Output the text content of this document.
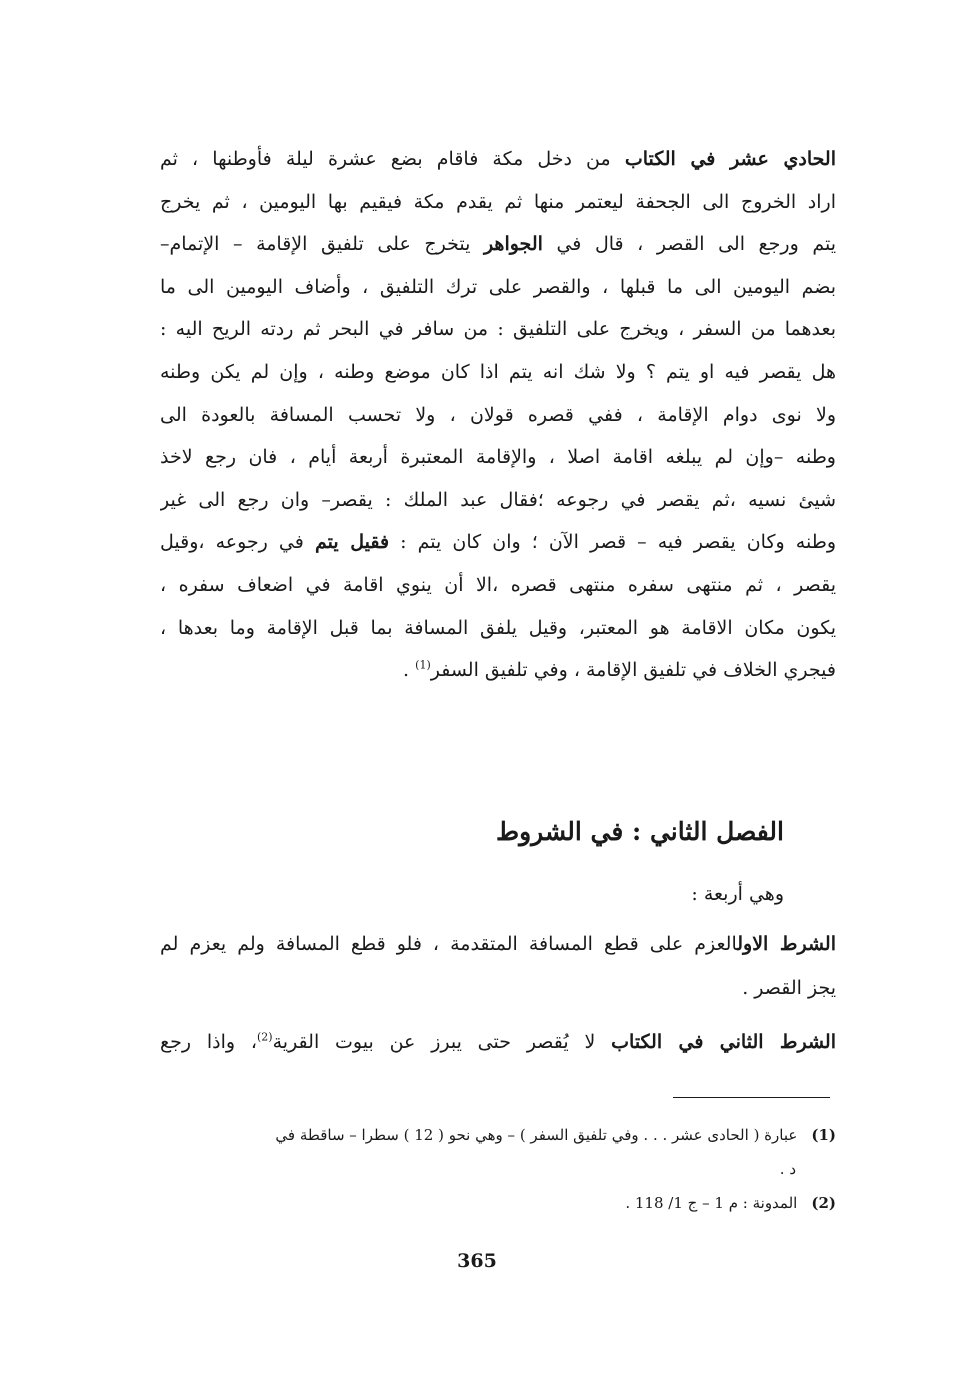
الحادي عشر في الكتاب من دخل مكة فاقام بضع عشرة ليلة فأوطنها ، ثم
اراد الخروج الى الجحفة ليعتمر منها ثم يقدم مكة فيقيم بها اليومين ، ثم يخرج
يتم ورجع الى القصر ، قال في الجواهر يتخرج على تلفيق الإقامة – الإتمام–
بضم اليومين الى ما قبلها ، والقصر على ترك التلفيق ، وأضاف اليومين الى ما
بعدهما من السفر ، ويخرج على التلفيق : من سافر في البحر ثم ردته الريح اليه :
هل يقصر فيه او يتم ؟ ولا شك انه يتم اذا كان موضع وطنه ، وإن لم يكن وطنه
ولا نوى دوام الإقامة ، ففي قصره قولان ، ولا تحسب المسافة بالعودة الى
وطنه –وإن لم يبلغه اقامة اصلا ، والإقامة المعتبرة أربعة أيام ، فان رجع لاخذ
شيئ نسيه ،ثم يقصر في رجوعه ؛فقال عبد الملك : يقصر– وان رجع الى غير
وطنه وكان يقصر فيه – قصر الآن ؛ وان كان يتم : فقيل يتم في رجوعه ،وقيل
يقصر ، ثم منتهى سفره منتهى قصره ،الا أن ينوي اقامة في اضعاف سفره ،
يكون مكان الاقامة هو المعتبر، وقيل يلفق المسافة بما قبل الإقامة وما بعدها ،
فيجري الخلاف في تلفيق الإقامة ، وفي تلفيق السفر$^{(1)}$ .
الفصل الثاني : في الشروط
وهي أربعة :
الشرط الاولالعزم على قطع المسافة المتقدمة ، فلو قطع المسافة ولم يعزم لم
يجز القصر .
الشرط الثاني في الكتاب لا يُقصر حتى يبرز عن بيوت القرية$^{(2)}$، واذا رجع
(1)عبارة ( الحادى عشر . . . وفي تلفيق السفر ) – وهي نحو ( 12 ) سطرا – ساقطة في
د .
(2)المدونة : م 1 – ج 1/ 118 .
365
